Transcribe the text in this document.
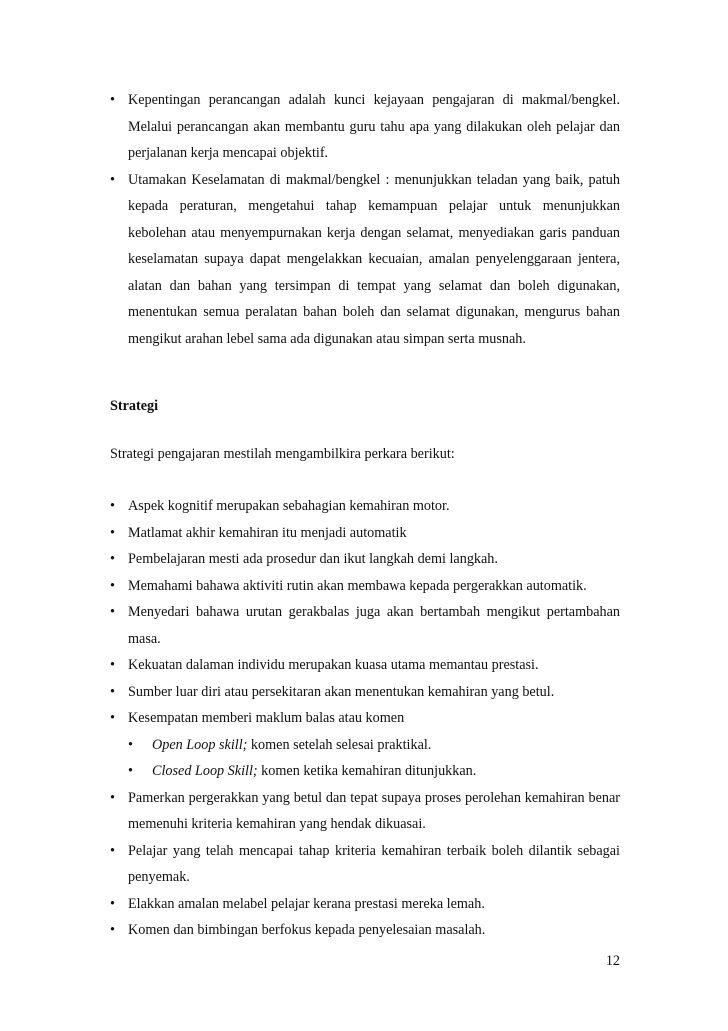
• Kepentingan perancangan adalah kunci kejayaan pengajaran di makmal/bengkel. Melalui perancangan akan membantu guru tahu apa yang dilakukan oleh pelajar dan perjalanan kerja mencapai objektif.
• Utamakan Keselamatan di makmal/bengkel : menunjukkan teladan yang baik, patuh kepada peraturan, mengetahui tahap kemampuan pelajar untuk menunjukkan kebolehan atau menyempurnakan kerja dengan selamat, menyediakan garis panduan keselamatan supaya dapat mengelakkan kecuaian, amalan penyelenggaraan jentera, alatan dan bahan yang tersimpan di tempat yang selamat dan boleh digunakan, menentukan semua peralatan bahan boleh dan selamat digunakan, mengurus bahan mengikut arahan lebel sama ada digunakan atau simpan serta musnah.
Strategi
Strategi pengajaran mestilah mengambilkira perkara berikut:
• Aspek kognitif merupakan sebahagian kemahiran motor.
• Matlamat akhir kemahiran itu menjadi automatik
• Pembelajaran mesti ada prosedur dan ikut langkah demi langkah.
• Memahami bahawa aktiviti rutin akan membawa kepada pergerakkan automatik.
• Menyedari bahawa urutan gerakbalas juga akan bertambah mengikut pertambahan masa.
• Kekuatan dalaman individu merupakan kuasa utama memantau prestasi.
• Sumber luar diri atau persekitaran akan menentukan kemahiran yang betul.
• Kesempatan memberi maklum balas atau komen
• Open Loop skill; komen setelah selesai praktikal.
• Closed Loop Skill; komen ketika kemahiran ditunjukkan.
• Pamerkan pergerakkan yang betul dan tepat supaya proses perolehan kemahiran benar memenuhi kriteria kemahiran yang hendak dikuasai.
• Pelajar yang telah mencapai tahap kriteria kemahiran terbaik boleh dilantik sebagai penyemak.
• Elakkan amalan melabel pelajar kerana prestasi mereka lemah.
• Komen dan bimbingan berfokus kepada penyelesaian masalah.
12
